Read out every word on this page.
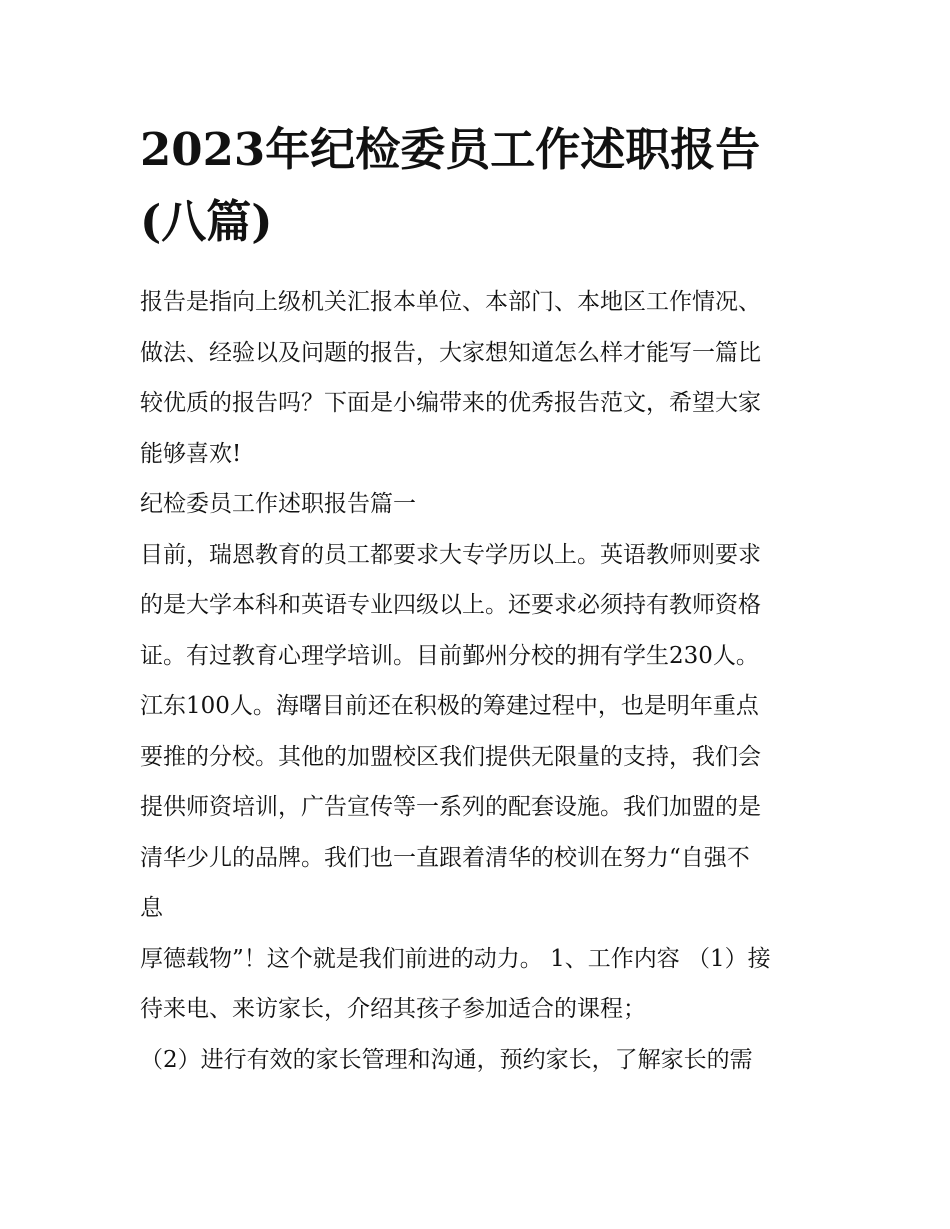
2023年纪检委员工作述职报告
(八篇)
报告是指向上级机关汇报本单位、本部门、本地区工作情况、
做法、经验以及问题的报告，大家想知道怎么样才能写一篇比
较优质的报告吗？下面是小编带来的优秀报告范文，希望大家
能够喜欢!
纪检委员工作述职报告篇一
目前，瑞恩教育的员工都要求大专学历以上。英语教师则要求
的是大学本科和英语专业四级以上。还要求必须持有教师资格
证。有过教育心理学培训。目前鄞州分校的拥有学生230人。
江东100人。海曙目前还在积极的筹建过程中，也是明年重点
要推的分校。其他的加盟校区我们提供无限量的支持，我们会
提供师资培训，广告宣传等一系列的配套设施。我们加盟的是
清华少儿的品牌。我们也一直跟着清华的校训在努力“自强不
息
厚德载物”！这个就是我们前进的动力。 1、工作内容 （1）接
待来电、来访家长，介绍其孩子参加适合的课程；
（2）进行有效的家长管理和沟通，预约家长，了解家长的需
